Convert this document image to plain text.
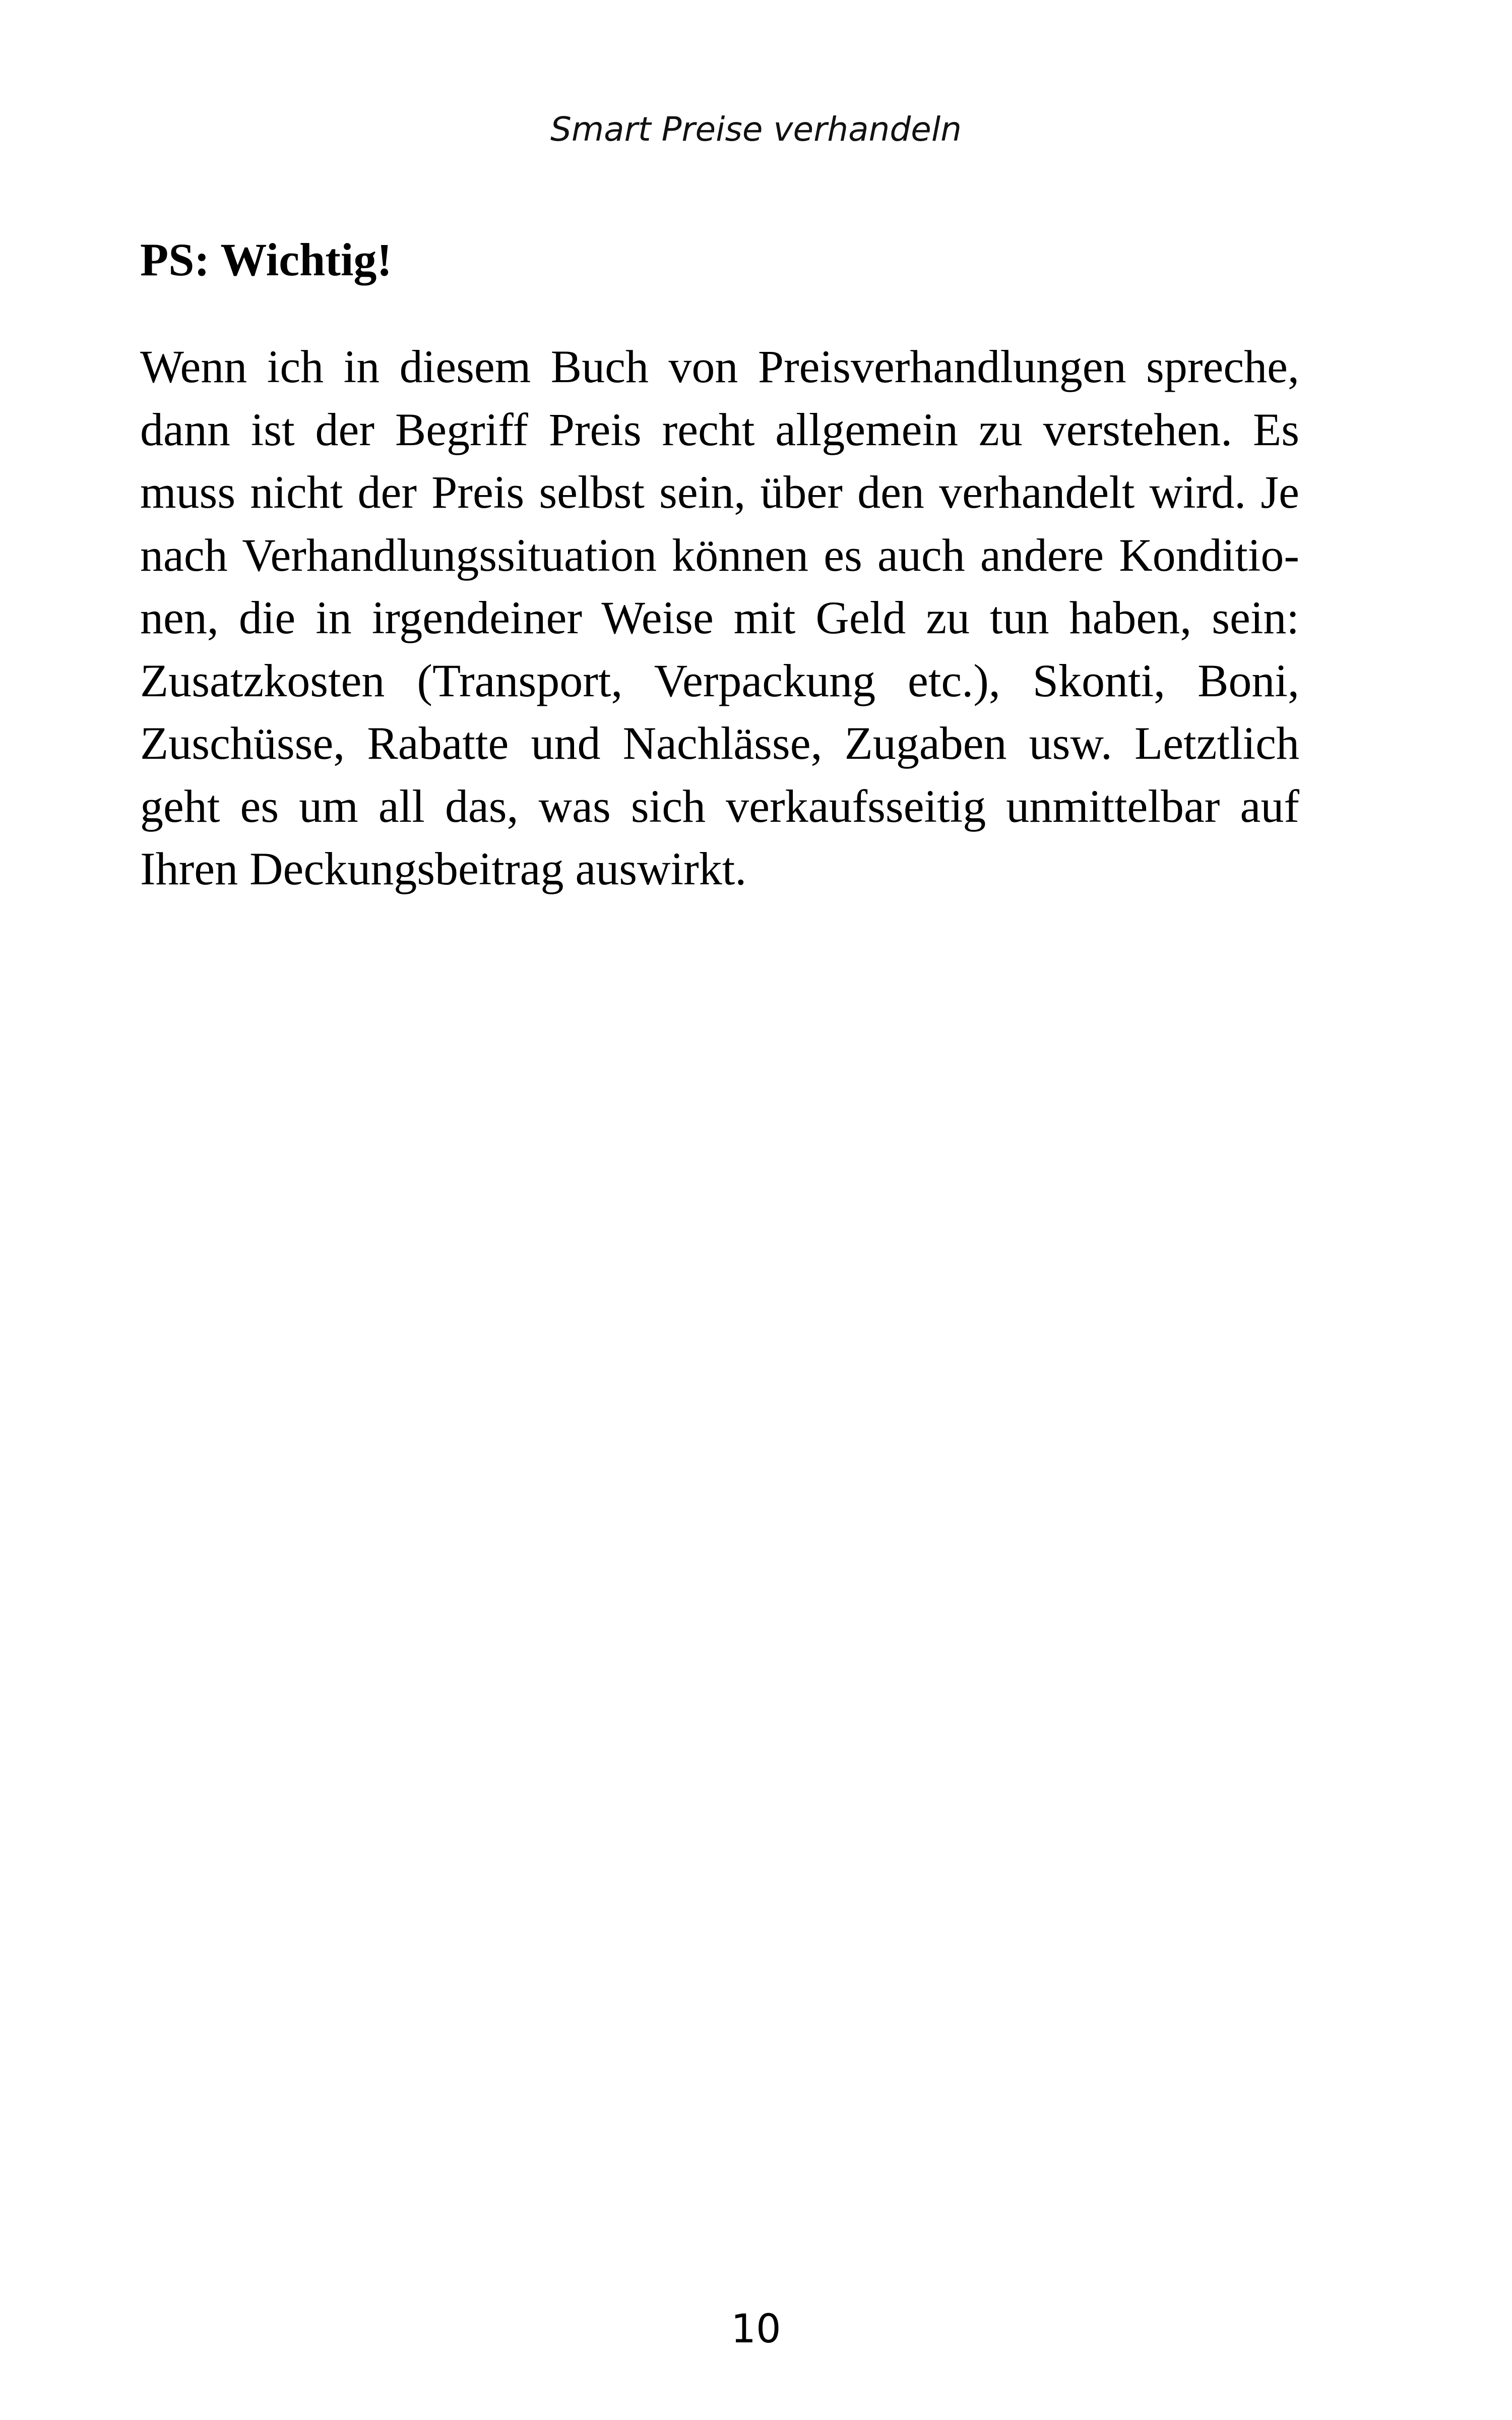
Smart Preise verhandeln
PS: Wichtig!
Wenn ich in diesem Buch von Preisverhandlungen spreche,
dann ist der Begriff Preis recht allgemein zu verstehen. Es
muss nicht der Preis selbst sein, über den verhandelt wird. Je
nach Verhandlungssituation können es auch andere Konditio-
nen, die in irgendeiner Weise mit Geld zu tun haben, sein:
Zusatzkosten (Transport, Verpackung etc.), Skonti, Boni,
Zuschüsse, Rabatte und Nachlässe, Zugaben usw. Letztlich
geht es um all das, was sich verkaufsseitig unmittelbar auf
Ihren Deckungsbeitrag auswirkt.
10
